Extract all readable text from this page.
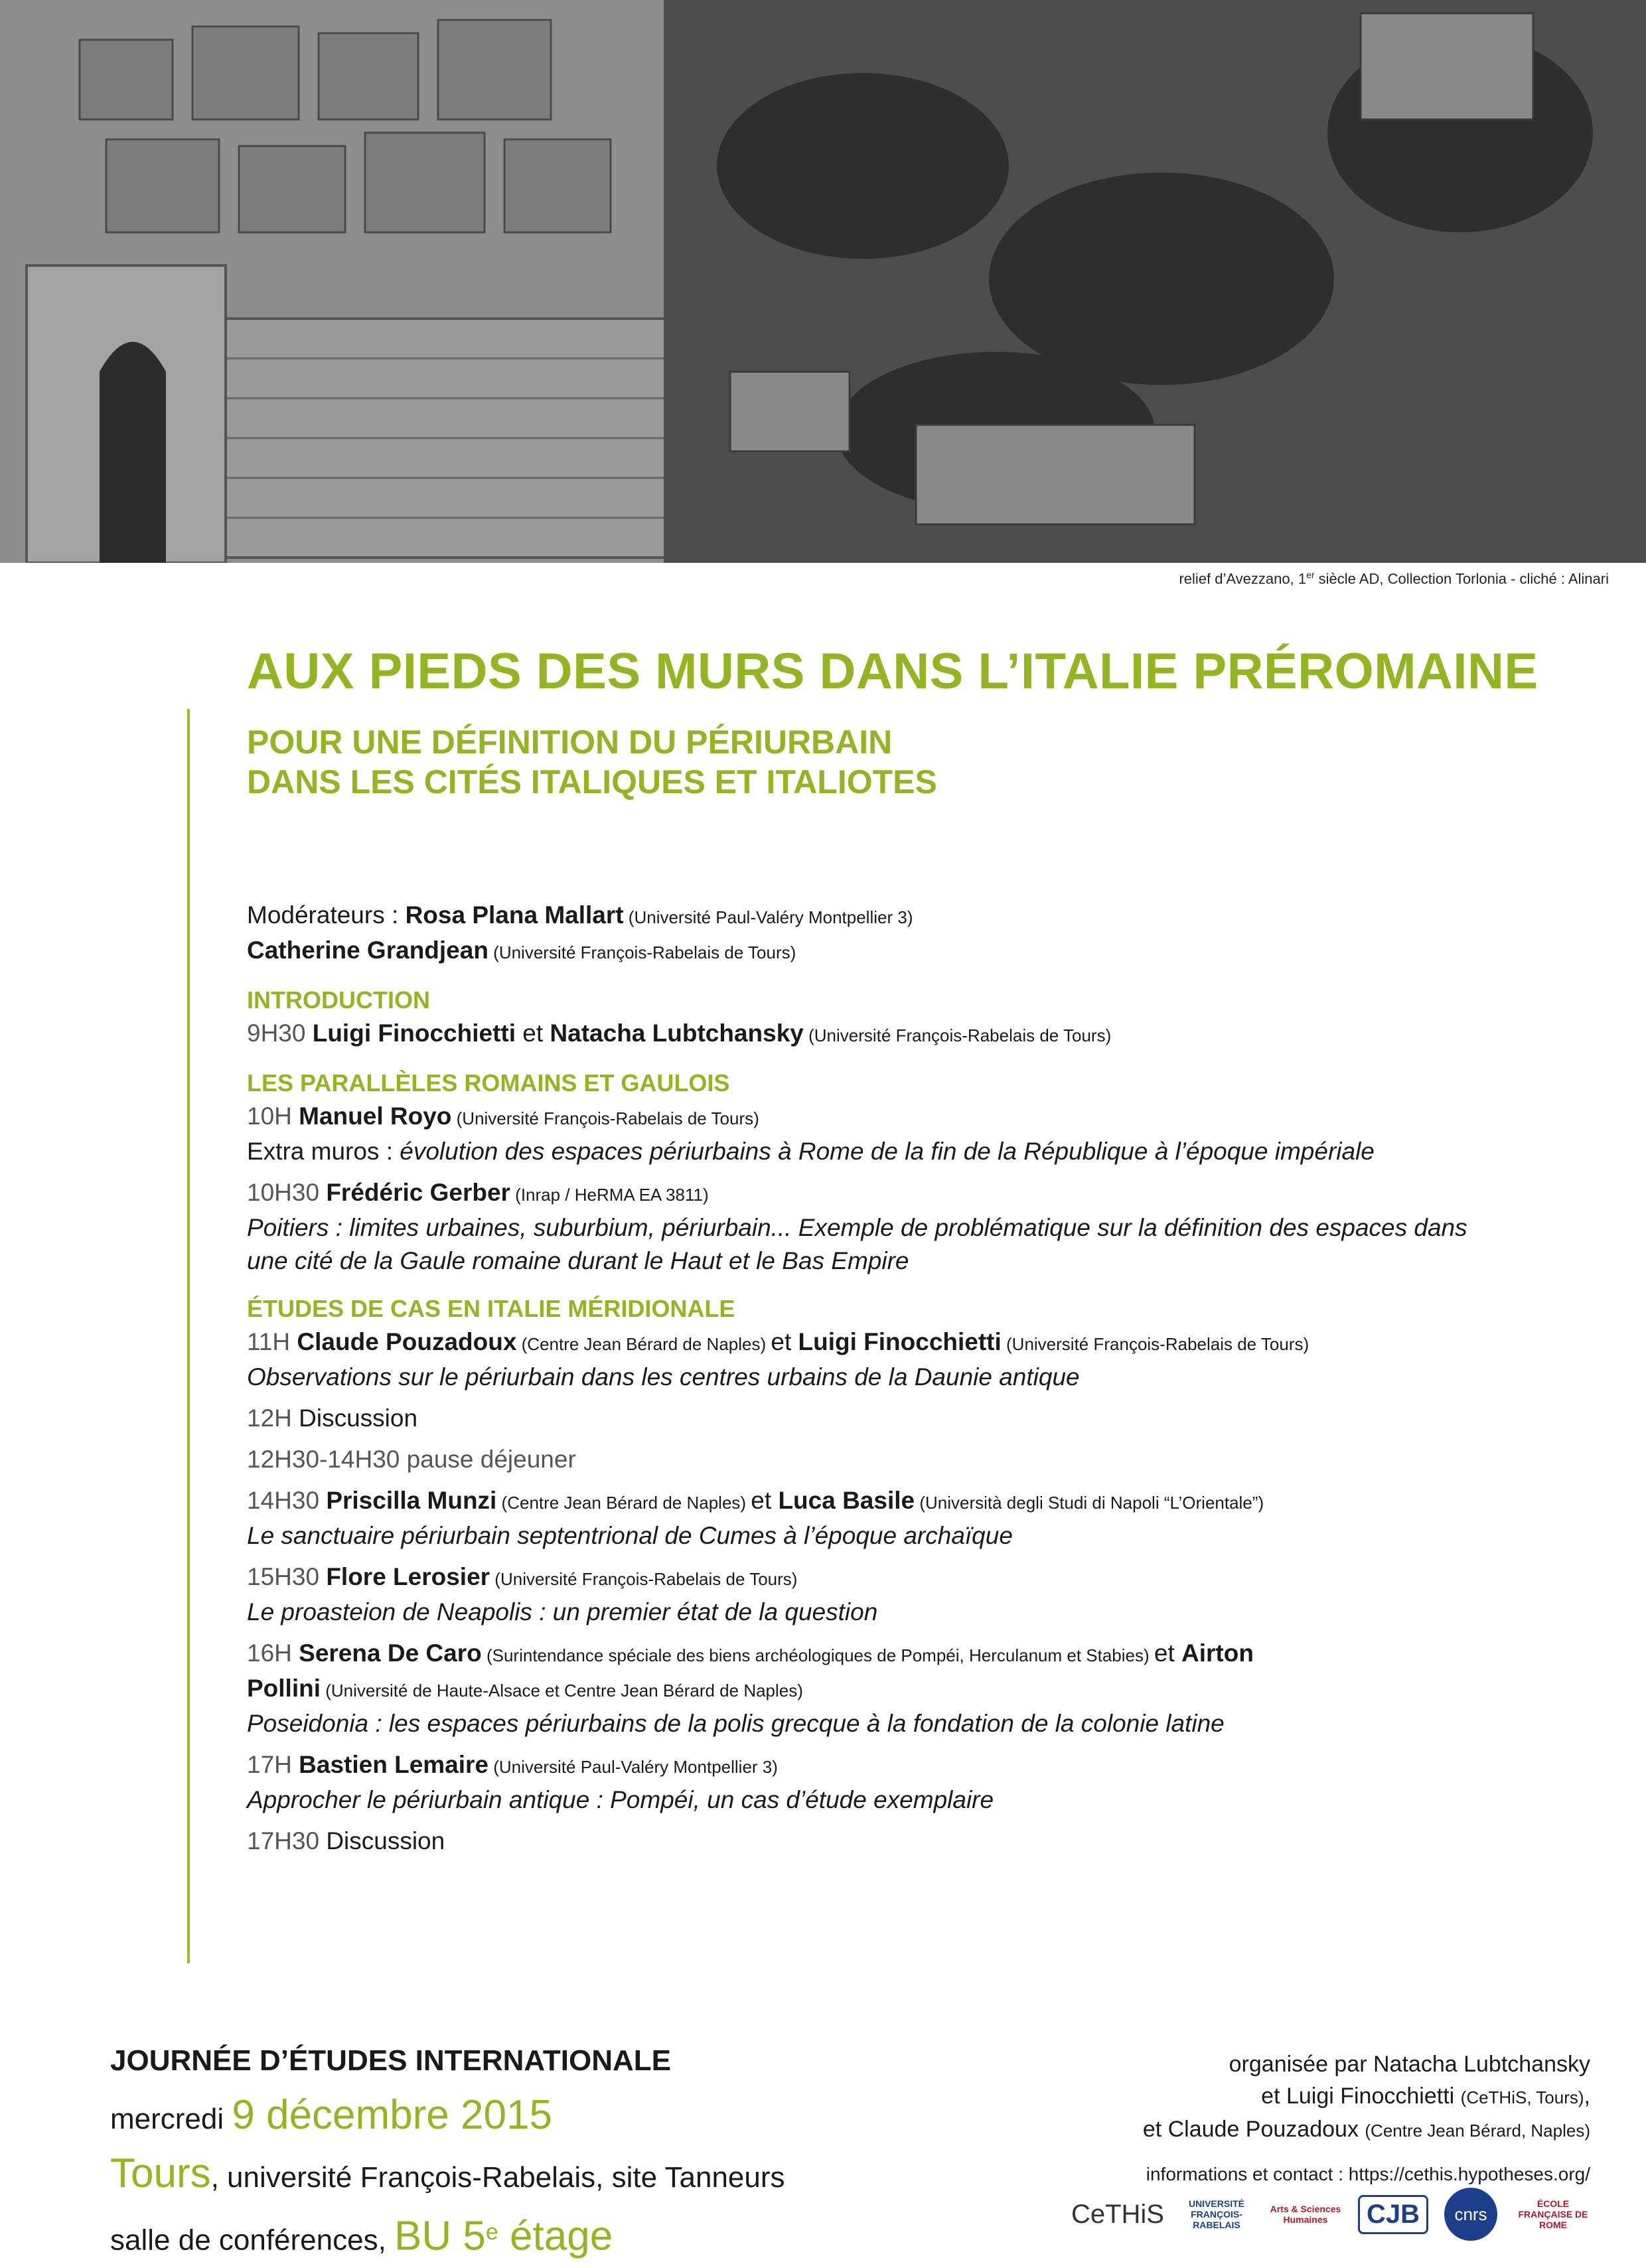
relief d’Avezzano, 1er siècle AD, Collection Torlonia - cliché : Alinari
AUX PIEDS DES MURS DANS L’ITALIE PRÉROMAINE
POUR UNE DÉFINITION DU PÉRIURBAIN
DANS LES CITÉS ITALIQUES ET ITALIOTES

Modérateurs : Rosa Plana Mallart (Université Paul-Valéry Montpellier 3)

Catherine Grandjean (Université François-Rabelais de Tours)

INTRODUCTION

9H30 Luigi Finocchietti et Natacha Lubtchansky (Université François-Rabelais de Tours)

LES PARALLÈLES ROMAINS ET GAULOIS

10H Manuel Royo (Université François-Rabelais de Tours)

Extra muros : évolution des espaces périurbains à Rome de la fin de la République à l’époque impériale

10H30 Frédéric Gerber (Inrap / HeRMA EA 3811)

Poitiers : limites urbaines, suburbium, périurbain... Exemple de problématique sur la définition des espaces dans une cité de la Gaule romaine durant le Haut et le Bas Empire

ÉTUDES DE CAS EN ITALIE MÉRIDIONALE

11H Claude Pouzadoux (Centre Jean Bérard de Naples) et Luigi Finocchietti (Université François-Rabelais de Tours)

Observations sur le périurbain dans les centres urbains de la Daunie antique

12H Discussion

12H30-14H30 pause déjeuner

14H30 Priscilla Munzi (Centre Jean Bérard de Naples) et Luca Basile (Università degli Studi di Napoli “L’Orientale”)

Le sanctuaire périurbain septentrional de Cumes à l’époque archaïque

15H30 Flore Lerosier (Université François-Rabelais de Tours)

Le proasteion de Neapolis : un premier état de la question

16H Serena De Caro (Surintendance spéciale des biens archéologiques de Pompéi, Herculanum et Stabies) et Airton

Pollini (Université de Haute-Alsace et Centre Jean Bérard de Naples)

Poseidonia : les espaces périurbains de la polis grecque à la fondation de la colonie latine

17H Bastien Lemaire (Université Paul-Valéry Montpellier 3)

Approcher le périurbain antique : Pompéi, un cas d’étude exemplaire

17H30 Discussion

JOURNÉE D’ÉTUDES INTERNATIONALE
mercredi 9 décembre 2015
Tours, université François-Rabelais, site Tanneurs
salle de conférences, BU 5e étage
organisée par Natacha Lubtchansky
et Luigi Finocchietti (CeTHiS, Tours),
et Claude Pouzadoux (Centre Jean Bérard, Naples)
informations et contact : https://cethis.hypotheses.org/
CeTHiS	UNIVERSITÉ FRANÇOIS-RABELAIS
Arts & Sciences Humaines	CJB	cnrs
ÉCOLE FRANÇAISE DE ROME
